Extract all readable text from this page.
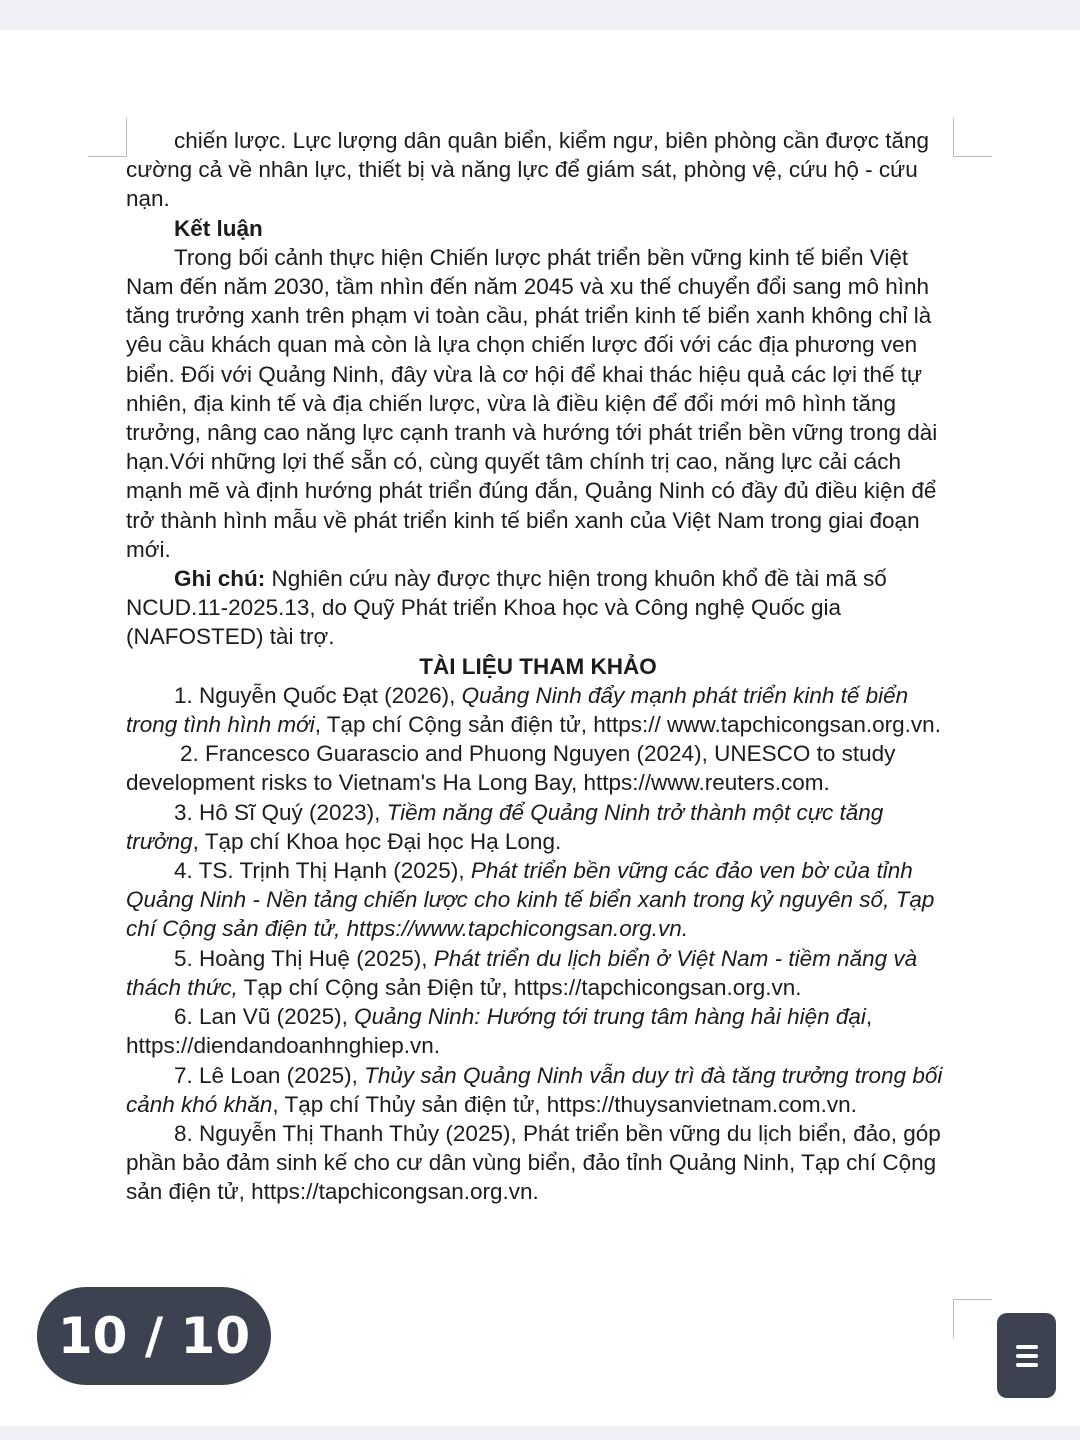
chiến lược. Lực lượng dân quân biển, kiểm ngư, biên phòng cần được tăng cường cả về nhân lực, thiết bị và năng lực để giám sát, phòng vệ, cứu hộ - cứu nạn.

Kết luận

Trong bối cảnh thực hiện Chiến lược phát triển bền vững kinh tế biển Việt Nam đến năm 2030, tầm nhìn đến năm 2045 và xu thế chuyển đổi sang mô hình tăng trưởng xanh trên phạm vi toàn cầu, phát triển kinh tế biển xanh không chỉ là yêu cầu khách quan mà còn là lựa chọn chiến lược đối với các địa phương ven biển. Đối với Quảng Ninh, đây vừa là cơ hội để khai thác hiệu quả các lợi thế tự nhiên, địa kinh tế và địa chiến lược, vừa là điều kiện để đổi mới mô hình tăng trưởng, nâng cao năng lực cạnh tranh và hướng tới phát triển bền vững trong dài hạn.Với những lợi thế sẵn có, cùng quyết tâm chính trị cao, năng lực cải cách mạnh mẽ và định hướng phát triển đúng đắn, Quảng Ninh có đầy đủ điều kiện để trở thành hình mẫu về phát triển kinh tế biển xanh của Việt Nam trong giai đoạn mới.

Ghi chú: Nghiên cứu này được thực hiện trong khuôn khổ đề tài mã số NCUD.11-2025.13, do Quỹ Phát triển Khoa học và Công nghệ Quốc gia (NAFOSTED) tài trợ.

TÀI LIỆU THAM KHẢO

1. Nguyễn Quốc Đạt (2026), Quảng Ninh đẩy mạnh phát triển kinh tế biển trong tình hình mới, Tạp chí Cộng sản điện tử, https:// www.tapchicongsan.org.vn.

2. Francesco Guarascio and Phuong Nguyen (2024), UNESCO to study development risks to Vietnam's Ha Long Bay, https://www.reuters.com.

3. Hô Sĩ Quý (2023), Tiềm năng để Quảng Ninh trở thành một cực tăng trưởng, Tạp chí Khoa học Đại học Hạ Long.

4. TS. Trịnh Thị Hạnh (2025), Phát triển bền vững các đảo ven bờ của tỉnh Quảng Ninh - Nền tảng chiến lược cho kinh tế biển xanh trong kỷ nguyên số, Tạp chí Cộng sản điện tử, https://www.tapchicongsan.org.vn.

5. Hoàng Thị Huệ (2025), Phát triển du lịch biển ở Việt Nam - tiềm năng và thách thức, Tạp chí Cộng sản Điện tử, https://tapchicongsan.org.vn.

6. Lan Vũ (2025), Quảng Ninh: Hướng tới trung tâm hàng hải hiện đại, https://diendandoanhnghiep.vn.

7. Lê Loan (2025), Thủy sản Quảng Ninh vẫn duy trì đà tăng trưởng trong bối cảnh khó khăn, Tạp chí Thủy sản điện tử, https://thuysanvietnam.com.vn.

8. Nguyễn Thị Thanh Thủy (2025), Phát triển bền vững du lịch biển, đảo, góp phần bảo đảm sinh kế cho cư dân vùng biển, đảo tỉnh Quảng Ninh, Tạp chí Cộng sản điện tử, https://tapchicongsan.org.vn.

10 / 10
